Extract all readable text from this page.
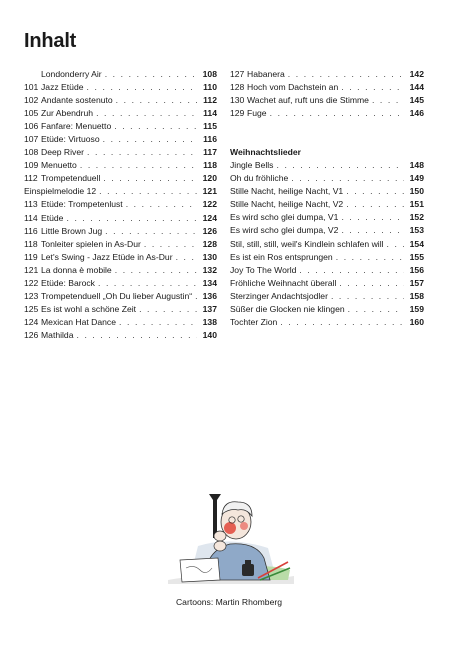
Inhalt
Londonderry Air . . .	108
101 Jazz Etüde . . .	110
102 Andante sostenuto . . .	112
105 Zur Abendruh . . .	114
106 Fanfare: Menuetto . . .	115
107 Etüde: Virtuoso . . .	116
108 Deep River . . .	117
109 Menuetto . . .	118
112 Trompetenduell . . .	120
Einspielmelodie 12 . . .	121
113 Etüde: Trompetenlust . . .	122
114 Etüde . . .	124
116 Little Brown Jug . . .	126
118 Tonleiter spielen in As-Dur . . .	128
119 Let's Swing - Jazz Etüde in As-Dur . . .	130
121 La donna è mobile . . .	132
122 Etüde: Barock . . .	134
123 Trompetenduell „Oh Du lieber Augustin“ . . .	136
125 Es ist wohl a schöne Zeit . . .	137
124 Mexican Hat Dance . . .	138
126 Mathilda . . .	140
127 Habanera . . .	142
128 Hoch vom Dachstein an . . .	144
130 Wachet auf, ruft uns die Stimme . . .	145
129 Fuge . . .	146
Weihnachtslieder
Jingle Bells . . .	148
Oh du fröhliche . . .	149
Stille Nacht, heilige Nacht, V1 . . .	150
Stille Nacht, heilige Nacht, V2 . . .	151
Es wird scho glei dumpa, V1 . . .	152
Es wird scho glei dumpa, V2 . . .	153
Stil, still, still, weil's Kindlein schlafen will . . .	154
Es ist ein Ros entsprungen . . .	155
Joy To The World . . .	156
Fröhliche Weihnacht überall . . .	157
Sterzinger Andachtsjodler . . .	158
Süßer die Glocken nie klingen . . .	159
Tochter Zion . . .	160
Cartoons: Martin Rhomberg
